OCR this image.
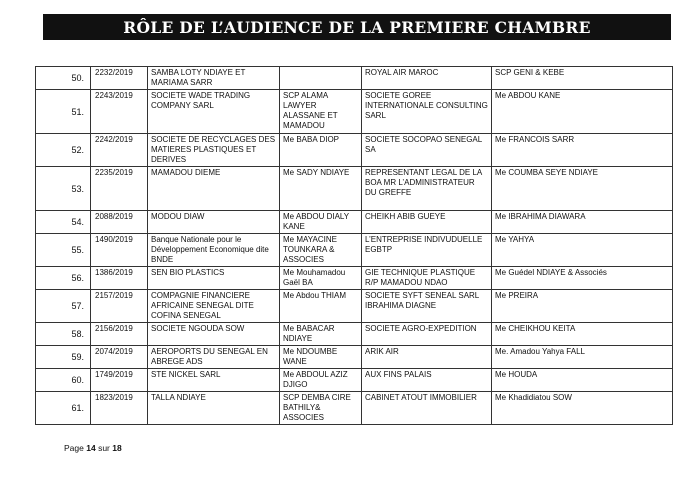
RÔLE DE L’AUDIENCE DE LA PREMIERE CHAMBRE
50.	2232/2019	SAMBA LOTY NDIAYE ET MARIAMA SARR		ROYAL AIR MAROC	SCP GENI & KEBE
51.	2243/2019	SOCIETE WADE TRADING COMPANY SARL	SCP ALAMA LAWYER ALASSANE ET MAMADOU	SOCIETE GOREE INTERNATIONALE CONSULTING SARL	Me ABDOU KANE
52.	2242/2019	SOCIETE DE RECYCLAGES DES MATIERES PLASTIQUES ET DERIVES	Me BABA DIOP	SOCIETE SOCOPAO SENEGAL SA	Me FRANCOIS SARR
53.	2235/2019	MAMADOU DIEME	Me SADY NDIAYE	REPRESENTANT LEGAL DE LA BOA MR L’ADMINISTRATEUR DU GREFFE	Me COUMBA SEYE NDIAYE
54.	2088/2019	MODOU DIAW	Me ABDOU DIALY KANE	CHEIKH ABIB GUEYE	Me IBRAHIMA DIAWARA
55.	1490/2019	Banque Nationale pour le Développement Economique dite BNDE	Me MAYACINE TOUNKARA & ASSOCIES	L’ENTREPRISE INDIVUDUELLE EGBTP	Me YAHYA
56.	1386/2019	SEN BIO PLASTICS	Me Mouhamadou Gaël BA	GIE TECHNIQUE PLASTIQUE R/P MAMADOU NDAO	Me Guédel NDIAYE & Associés
57.	2157/2019	COMPAGNIE FINANCIERE AFRICAINE SENEGAL DITE COFINA SENEGAL	Me Abdou THIAM	SOCIETE SYFT SENEAL SARL IBRAHIMA DIAGNE	Me PREIRA
58.	2156/2019	SOCIETE NGOUDA SOW	Me BABACAR NDIAYE	SOCIETE AGRO-EXPEDITION	Me CHEIKHOU KEITA
59.	2074/2019	AEROPORTS DU SENEGAL EN ABREGE ADS	Me NDOUMBE WANE	ARIK AIR	Me. Amadou Yahya FALL
60.	1749/2019	STE NICKEL SARL	Me ABDOUL AZIZ DJIGO	AUX FINS PALAIS	Me HOUDA
61.	1823/2019	TALLA NDIAYE	SCP DEMBA CIRE BATHILY& ASSOCIES	CABINET ATOUT IMMOBILIER	Me Khadidiatou SOW
Page 14 sur 18
